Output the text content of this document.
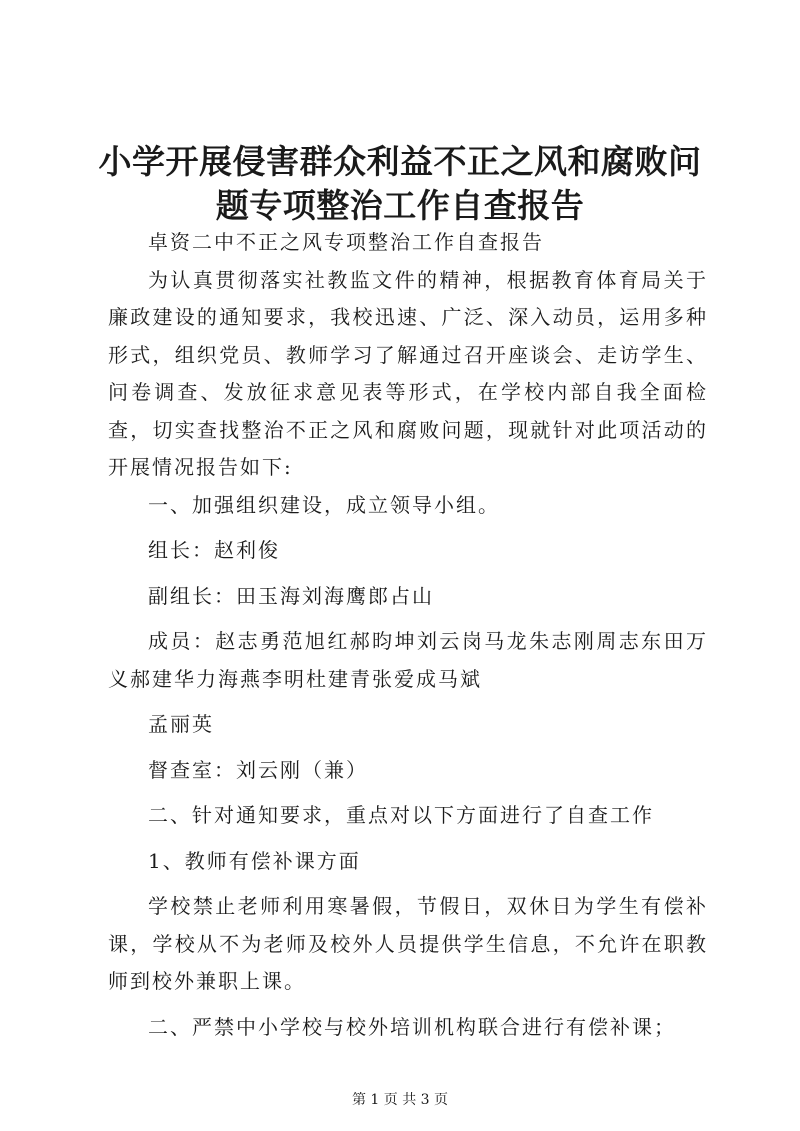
小学开展侵害群众利益不正之风和腐败问题专项整治工作自查报告

卓资二中不正之风专项整治工作自查报告

为认真贯彻落实社教监文件的精神，根据教育体育局关于廉政建设的通知要求，我校迅速、广泛、深入动员，运用多种形式，组织党员、教师学习了解通过召开座谈会、走访学生、问卷调查、发放征求意见表等形式，在学校内部自我全面检查，切实查找整治不正之风和腐败问题，现就针对此项活动的开展情况报告如下:

一、加强组织建设，成立领导小组。

组长：赵利俊

副组长：田玉海刘海鹰郎占山

成员：赵志勇范旭红郝昀坤刘云岗马龙朱志刚周志东田万义郝建华力海燕李明杜建青张爱成马斌

孟丽英

督查室：刘云刚（兼）

二、针对通知要求，重点对以下方面进行了自查工作

1、教师有偿补课方面

学校禁止老师利用寒暑假，节假日，双休日为学生有偿补课，学校从不为老师及校外人员提供学生信息，不允许在职教师到校外兼职上课。

二、严禁中小学校与校外培训机构联合进行有偿补课；

第 1 页 共 3 页
